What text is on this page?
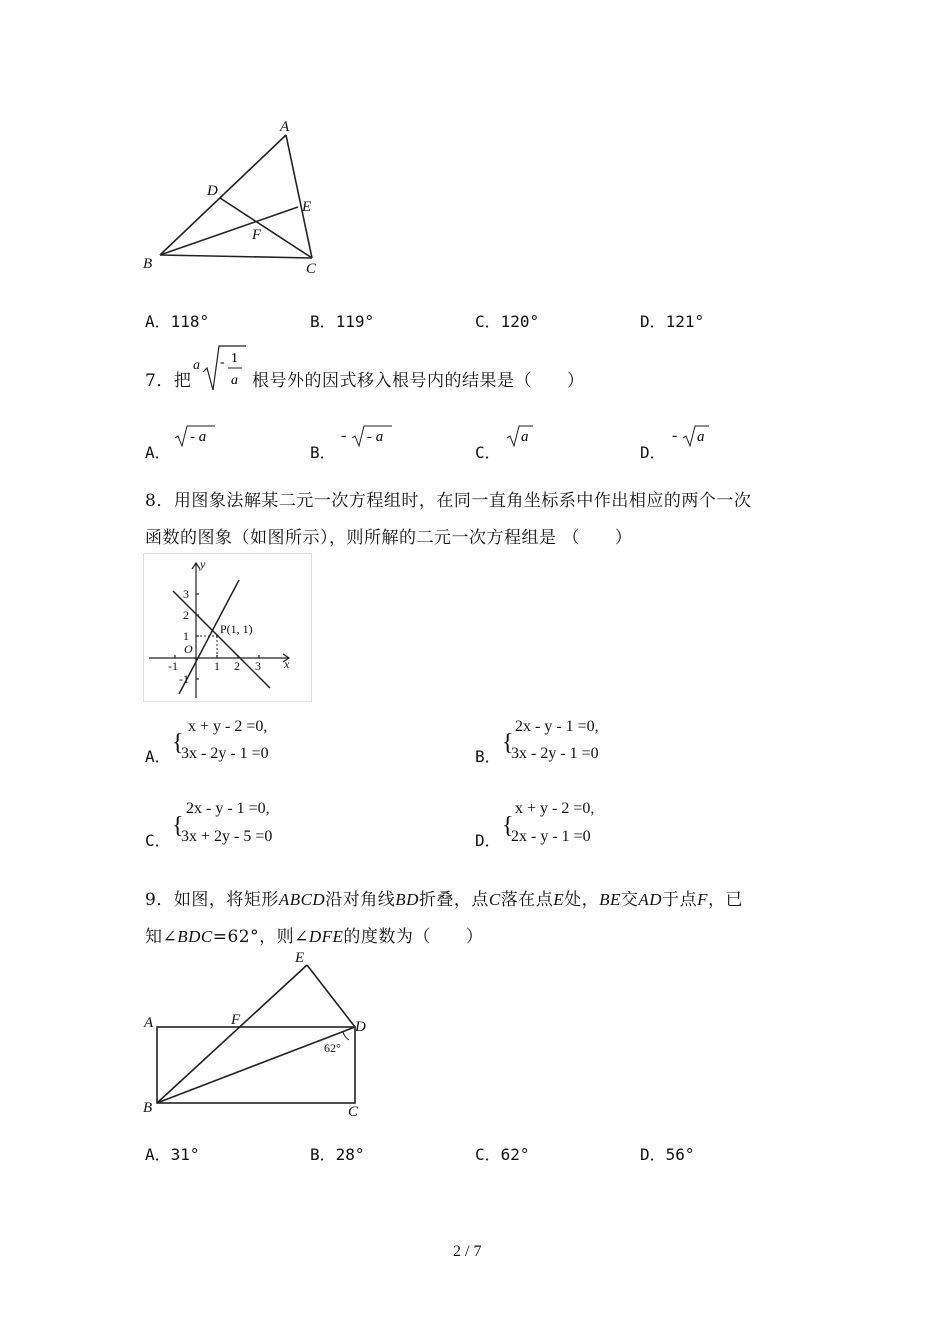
A
D
E
F
B	C
A．118°	B．119°	C．120°	D．121°
7．把
a - 1
a 根号外的因式移入根号内的结果是（　　）
A．
- a
B．
- - a
C．
a
D．
- a
8．用图象法解某二元一次方程组时，在同一直角坐标系中作出相应的两个一次
函数的图象（如图所示），则所解的二元一次方程组是 （　　）
y
x
O
3
2
1
-1
-1	1 2 3
P(1, 1)
A．
{
x + y - 2 =0,
3x - 2y - 1 =0	B．
{
2x - y - 1 =0,
3x - 2y - 1 =0
C．
{
2x - y - 1 =0,
3x + 2y - 5 =0	D．
{
x + y - 2 =0,
2x - y - 1 =0
9．如图，将矩形ABCD沿对角线BD折叠，点C落在点E处，BE交AD于点F，已
知∠BDC=62°，则∠DFE的度数为（　　）
E
A	F	D
B	C
62°
A．31°	B．28°	C．62°	D．56°
2 / 7
